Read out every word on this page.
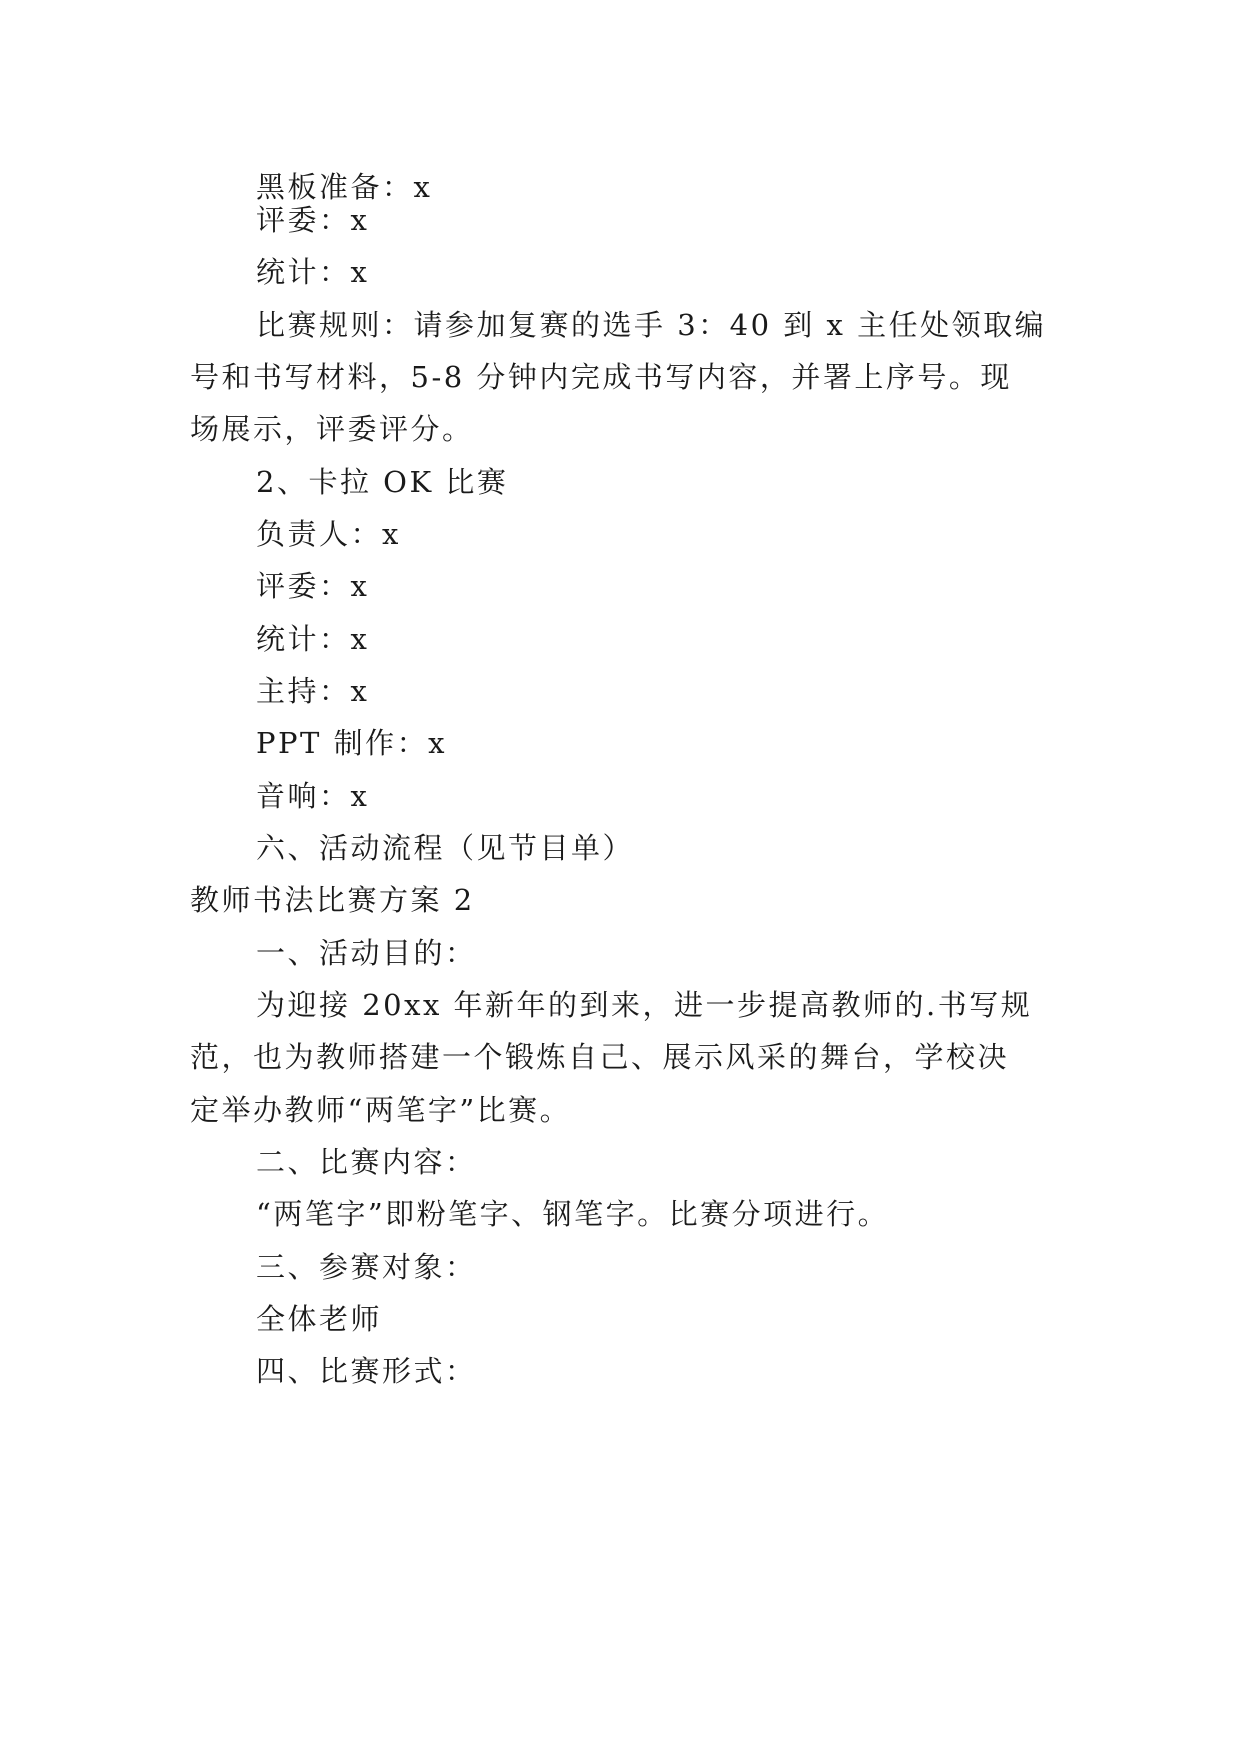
黑板准备：x
评委：x
统计：x
比赛规则：请参加复赛的选手 3：40 到 x 主任处领取编
号和书写材料，5-8 分钟内完成书写内容，并署上序号。现
场展示，评委评分。
2、卡拉 OK 比赛
负责人：x
评委：x
统计：x
主持：x
PPT 制作：x
音响：x
六、活动流程（见节目单）
教师书法比赛方案 2
一、活动目的：
为迎接 20xx 年新年的到来，进一步提高教师的.书写规
范，也为教师搭建一个锻炼自己、展示风采的舞台，学校决
定举办教师“两笔字”比赛。
二、比赛内容：
“两笔字”即粉笔字、钢笔字。比赛分项进行。
三、参赛对象：
全体老师
四、比赛形式：
